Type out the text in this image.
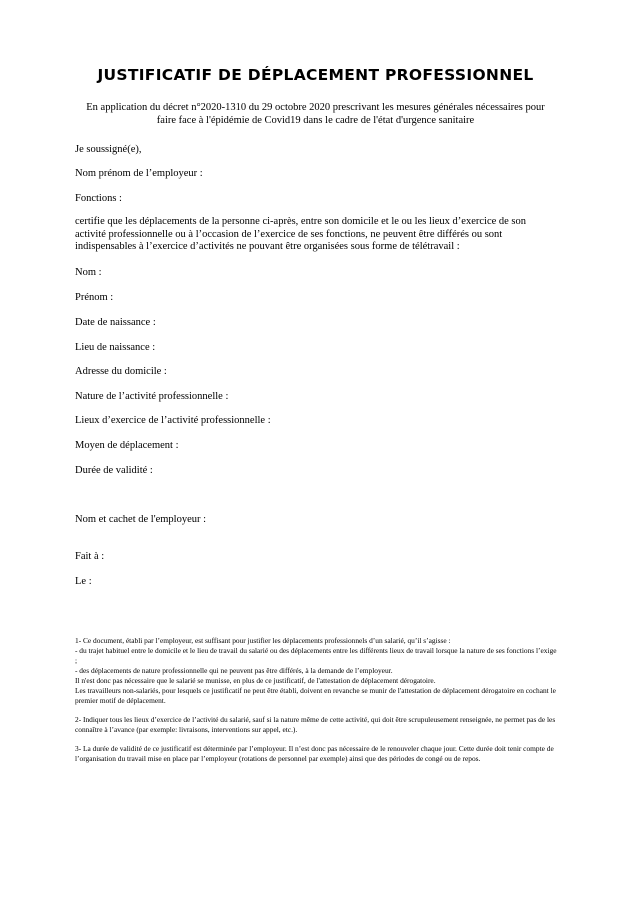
JUSTIFICATIF DE DÉPLACEMENT PROFESSIONNEL
En application du décret n°2020-1310 du 29 octobre 2020 prescrivant les mesures générales nécessaires pour faire face à l'épidémie de Covid19 dans le cadre de l'état d'urgence sanitaire
Je soussigné(e),
Nom prénom de l’employeur :
Fonctions :
certifie que les déplacements de la personne ci-après, entre son domicile et le ou les lieux d’exercice de son activité professionnelle ou à l’occasion de l’exercice de ses fonctions, ne peuvent être différés ou sont indispensables à l’exercice d’activités ne pouvant être organisées sous forme de télétravail :
Nom :
Prénom :
Date de naissance :
Lieu de naissance :
Adresse du domicile :
Nature de l’activité professionnelle :
Lieux d’exercice de l’activité professionnelle :
Moyen de déplacement :
Durée de validité :
Nom et cachet de l'employeur :
Fait à :
Le :

1- Ce document, établi par l’employeur, est suffisant pour justifier les déplacements professionnels d’un salarié, qu’il s’agisse :
- du trajet habituel entre le domicile et le lieu de travail du salarié ou des déplacements entre les différents lieux de travail lorsque la nature de ses fonctions l’exige ;
- des déplacements de nature professionnelle qui ne peuvent pas être différés, à la demande de l’employeur.
Il n'est donc pas nécessaire que le salarié se munisse, en plus de ce justificatif, de l'attestation de déplacement dérogatoire.
Les travailleurs non-salariés, pour lesquels ce justificatif ne peut être établi, doivent en revanche se munir de l'attestation de déplacement dérogatoire en cochant le premier motif de déplacement.

2- Indiquer tous les lieux d’exercice de l’activité du salarié, sauf si la nature même de cette activité, qui doit être scrupuleusement renseignée, ne permet pas de les connaître à l’avance (par exemple: livraisons, interventions sur appel, etc.).

3- La durée de validité de ce justificatif est déterminée par l’employeur. Il n’est donc pas nécessaire de le renouveler chaque jour. Cette durée doit tenir compte de l’organisation du travail mise en place par l’employeur (rotations de personnel par exemple) ainsi que des périodes de congé ou de repos.
